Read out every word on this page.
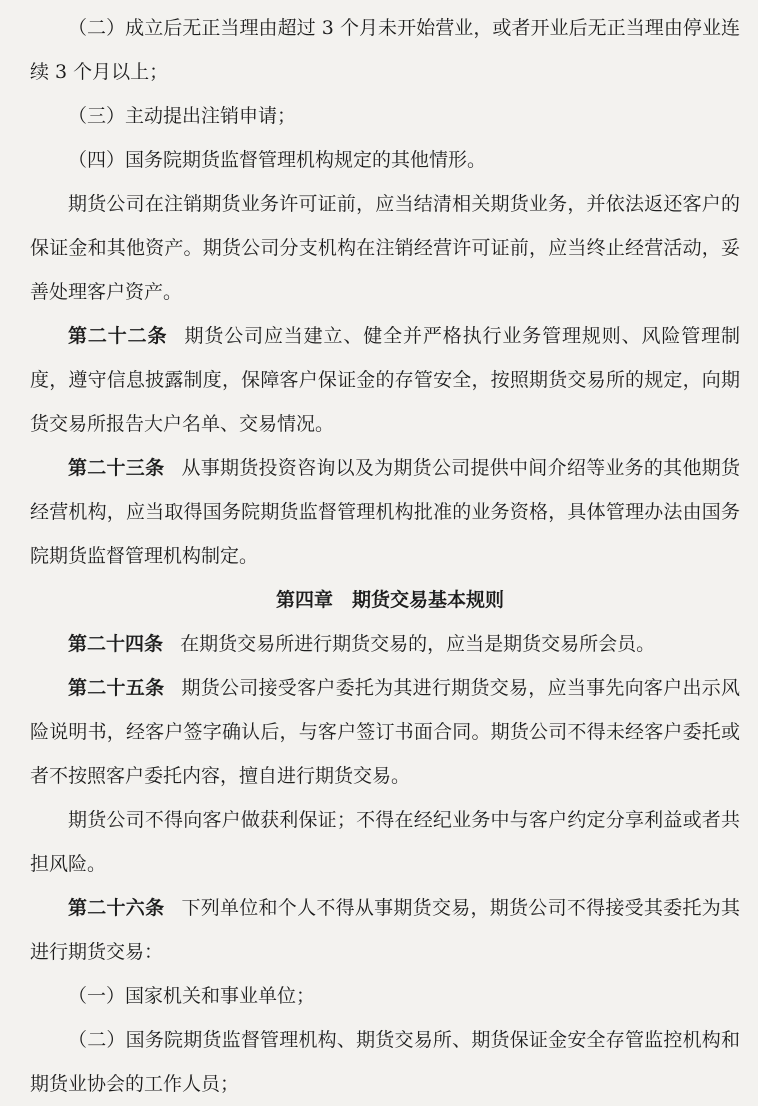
（二）成立后无正当理由超过 3 个月未开始营业，或者开业后无正当理由停业连续 3 个月以上；

（三）主动提出注销申请；

（四）国务院期货监督管理机构规定的其他情形。

期货公司在注销期货业务许可证前，应当结清相关期货业务，并依法返还客户的保证金和其他资产。期货公司分支机构在注销经营许可证前，应当终止经营活动，妥善处理客户资产。

第二十二条 期货公司应当建立、健全并严格执行业务管理规则、风险管理制度，遵守信息披露制度，保障客户保证金的存管安全，按照期货交易所的规定，向期货交易所报告大户名单、交易情况。

第二十三条 从事期货投资咨询以及为期货公司提供中间介绍等业务的其他期货经营机构，应当取得国务院期货监督管理机构批准的业务资格，具体管理办法由国务院期货监督管理机构制定。

第四章 期货交易基本规则

第二十四条 在期货交易所进行期货交易的，应当是期货交易所会员。

第二十五条 期货公司接受客户委托为其进行期货交易，应当事先向客户出示风险说明书，经客户签字确认后，与客户签订书面合同。期货公司不得未经客户委托或者不按照客户委托内容，擅自进行期货交易。

期货公司不得向客户做获利保证；不得在经纪业务中与客户约定分享利益或者共担风险。

第二十六条 下列单位和个人不得从事期货交易，期货公司不得接受其委托为其进行期货交易：

（一）国家机关和事业单位；

（二）国务院期货监督管理机构、期货交易所、期货保证金安全存管监控机构和期货业协会的工作人员；
